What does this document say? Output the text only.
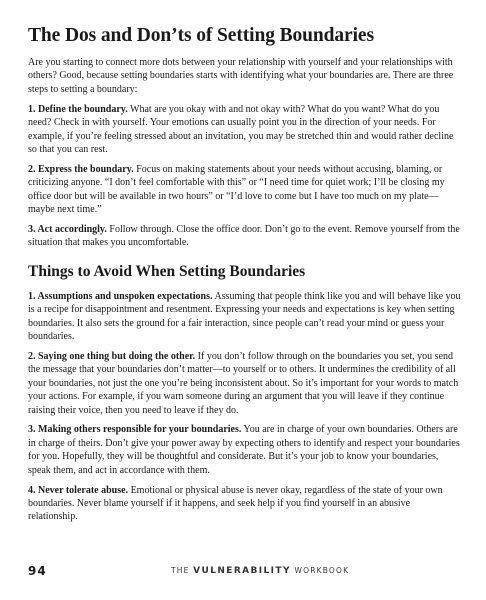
The Dos and Don’ts of Setting Boundaries

Are you starting to connect more dots between your relationship with yourself and your relationships with others? Good, because setting boundaries starts with identifying what your boundaries are. There are three steps to setting a boundary:

1. Define the boundary. What are you okay with and not okay with? What do you want? What do you need? Check in with yourself. Your emotions can usually point you in the direction of your needs. For example, if you’re feeling stressed about an invitation, you may be stretched thin and would rather decline so that you can rest.

2. Express the boundary. Focus on making statements about your needs without accusing, blaming, or criticizing anyone. “I don’t feel comfortable with this” or “I need time for quiet work; I’ll be closing my office door but will be available in two hours” or “I’d love to come but I have too much on my plate—maybe next time.”

3. Act accordingly. Follow through. Close the office door. Don’t go to the event. Remove yourself from the situation that makes you uncomfortable.

Things to Avoid When Setting Boundaries

1. Assumptions and unspoken expectations. Assuming that people think like you and will behave like you is a recipe for disappointment and resentment. Expressing your needs and expectations is key when setting boundaries. It also sets the ground for a fair interaction, since people can’t read your mind or guess your boundaries.

2. Saying one thing but doing the other. If you don’t follow through on the boundaries you set, you send the message that your boundaries don’t matter—to yourself or to others. It undermines the credibility of all your boundaries, not just the one you’re being inconsistent about. So it’s important for your words to match your actions. For example, if you warn someone during an argument that you will leave if they continue raising their voice, then you need to leave if they do.

3. Making others responsible for your boundaries. You are in charge of your own boundaries. Others are in charge of theirs. Don’t give your power away by expecting others to identify and respect your boundaries for you. Hopefully, they will be thoughtful and considerate. But it’s your job to know your boundaries, speak them, and act in accordance with them.

4. Never tolerate abuse. Emotional or physical abuse is never okay, regardless of the state of your own boundaries. Never blame yourself if it happens, and seek help if you find yourself in an abusive relationship.

94	THE VULNERABILITY WORKBOOK
